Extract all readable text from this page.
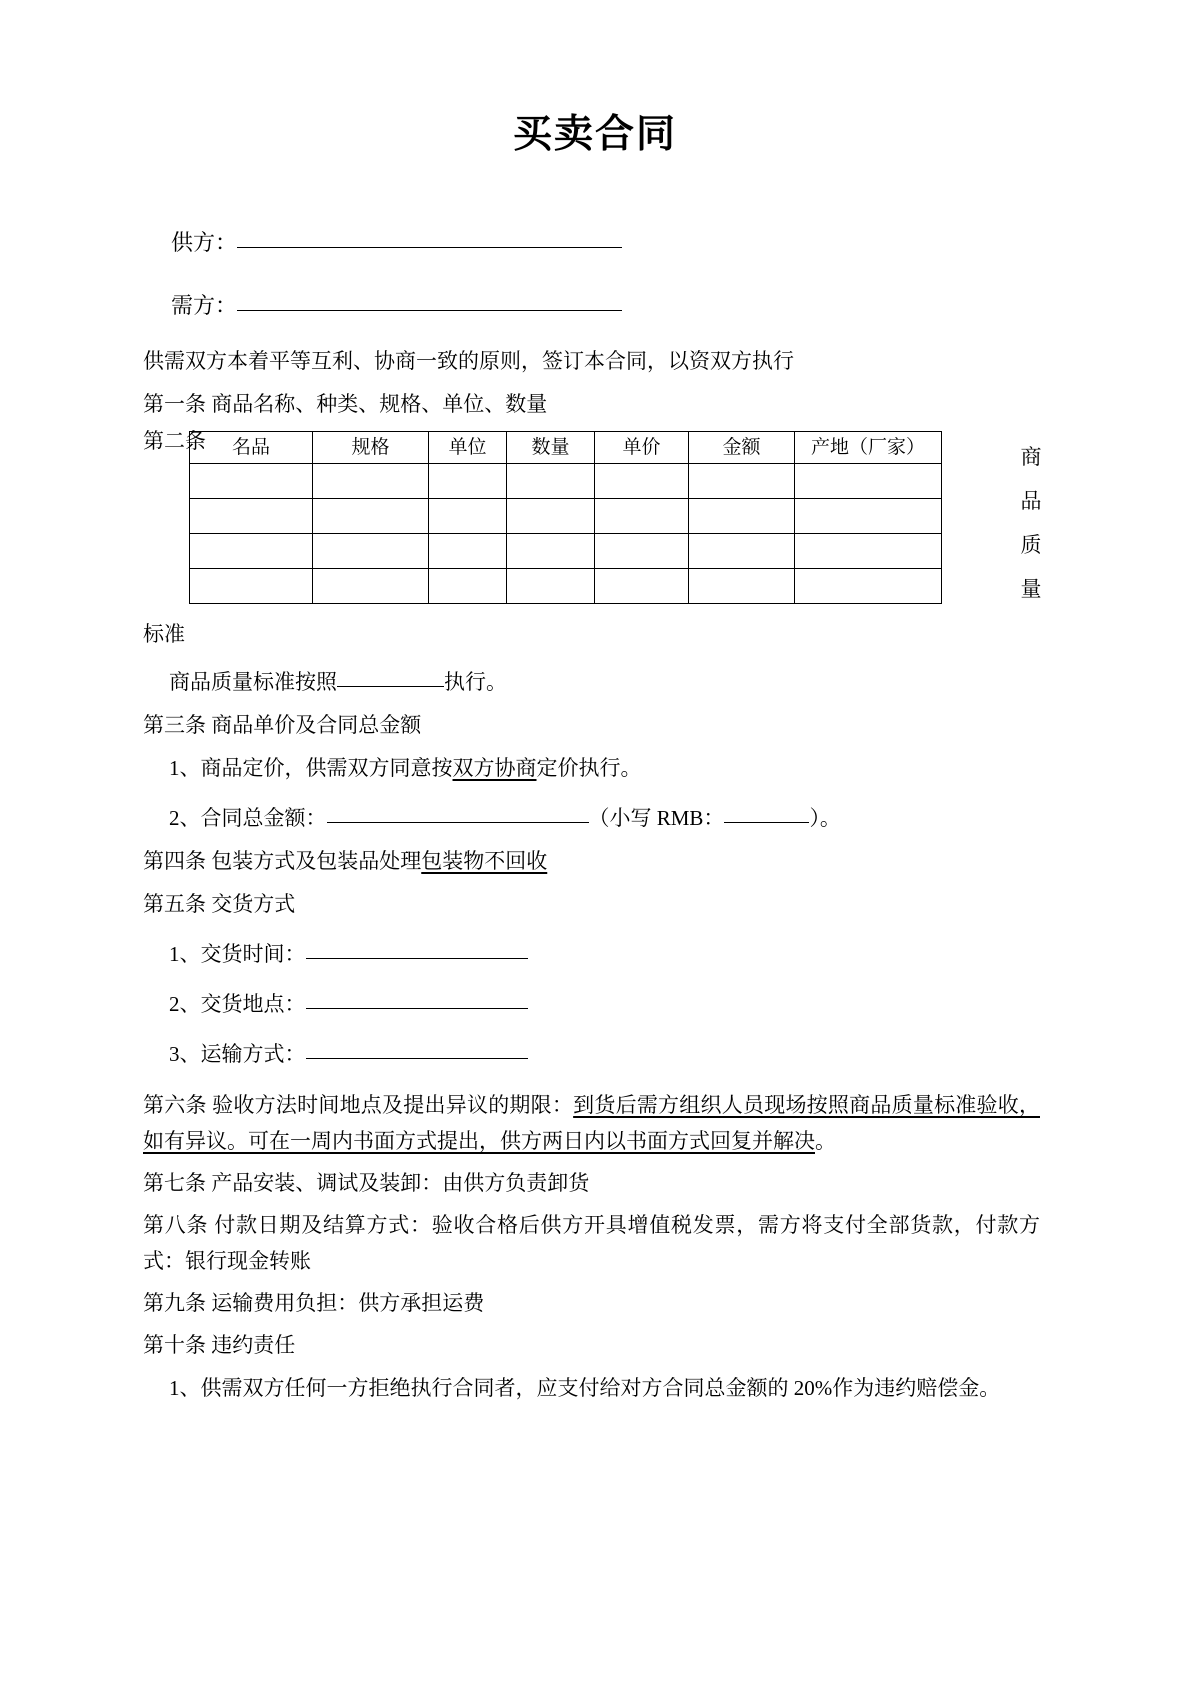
买卖合同
供方：
需方：

供需双方本着平等互利、协商一致的原则，签订本合同，以资双方执行

第一条 商品名称、种类、规格、单位、数量

第二条

商
品
质
量
名品	规格	单位	数量	单价	金额	产地（厂家）

标准

商品质量标准按照	执行。

第三条 商品单价及合同总金额

1、商品定价，供需双方同意按双方协商定价执行。

2、合同总金额：	（小写 RMB：	）。

第四条 包装方式及包装品处理包装物不回收

第五条 交货方式

1、交货时间：

2、交货地点：

3、运输方式：

第六条 验收方法时间地点及提出异议的期限：到货后需方组织人员现场按照商品质量标准验收，如有异议。可在一周内书面方式提出，供方两日内以书面方式回复并解决。

第七条 产品安装、调试及装卸：由供方负责卸货

第八条 付款日期及结算方式：验收合格后供方开具增值税发票，需方将支付全部货款，付款方式：银行现金转账

第九条 运输费用负担：供方承担运费

第十条 违约责任

1、供需双方任何一方拒绝执行合同者，应支付给对方合同总金额的 20%作为违约赔偿金。
